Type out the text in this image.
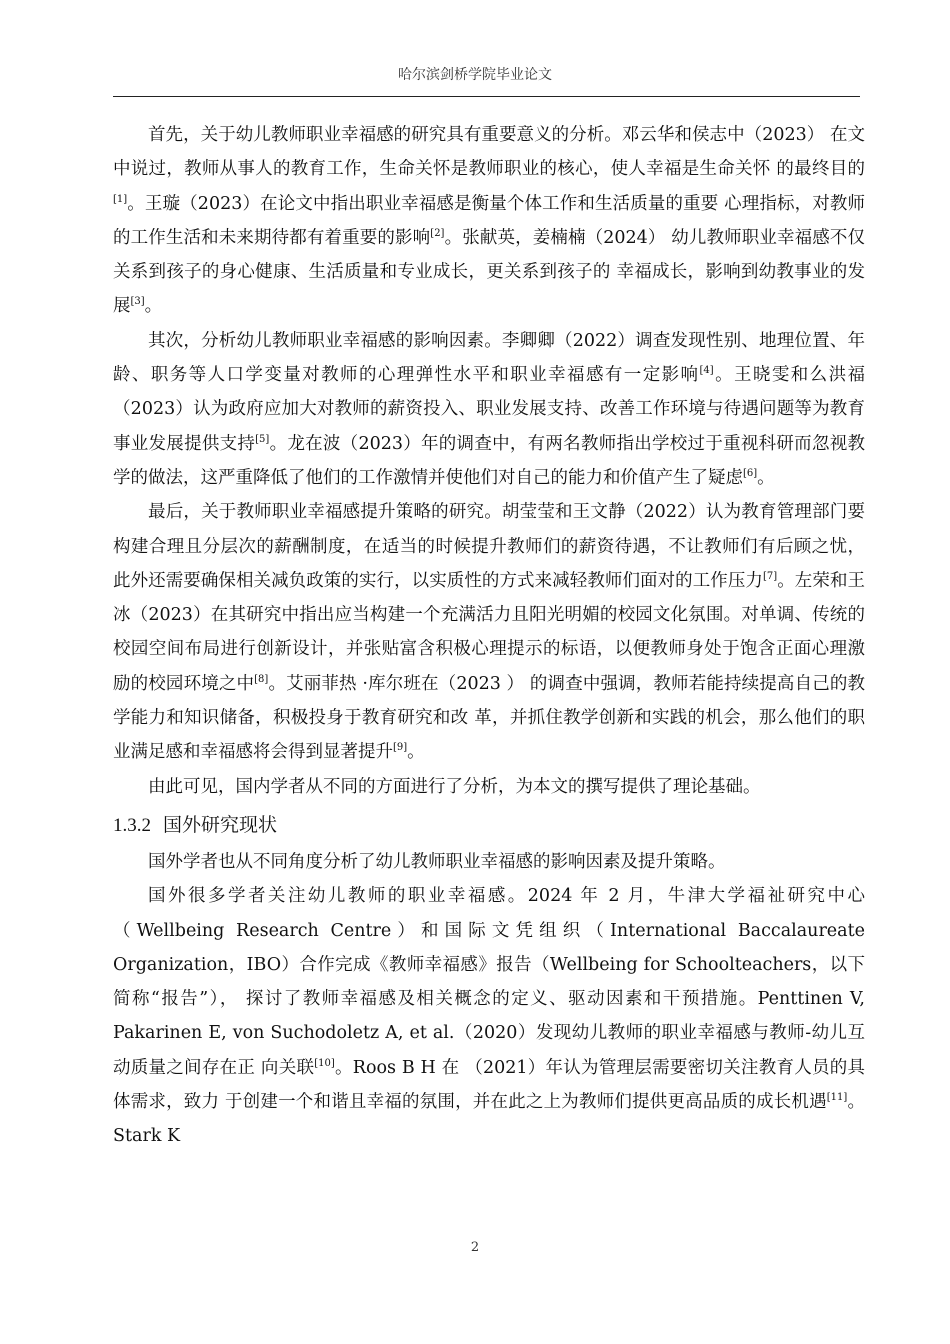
哈尔滨剑桥学院毕业论文

首先，关于幼儿教师职业幸福感的研究具有重要意义的分析。邓云华和侯志中（2023） 在文中说过，教师从事人的教育工作，生命关怀是教师职业的核心，使人幸福是生命关怀 的最终目的[1]。王璇（2023）在论文中指出职业幸福感是衡量个体工作和生活质量的重要 心理指标，对教师的工作生活和未来期待都有着重要的影响[2]。张献英，姜楠楠（2024） 幼儿教师职业幸福感不仅关系到孩子的身心健康、生活质量和专业成长，更关系到孩子的 幸福成长，影响到幼教事业的发展[3]。

其次，分析幼儿教师职业幸福感的影响因素。李卿卿（2022）调查发现性别、地理位置、年龄、职务等人口学变量对教师的心理弹性水平和职业幸福感有一定影响[4]。王晓雯和么洪福（2023）认为政府应加大对教师的薪资投入、职业发展支持、改善工作环境与待遇问题等为教育事业发展提供支持[5]。龙在波（2023）年的调查中，有两名教师指出学校过于重视科研而忽视教学的做法，这严重降低了他们的工作激情并使他们对自己的能力和价值产生了疑虑[6]。

最后，关于教师职业幸福感提升策略的研究。胡莹莹和王文静（2022）认为教育管理部门要构建合理且分层次的薪酬制度，在适当的时候提升教师们的薪资待遇，不让教师们有后顾之忧，此外还需要确保相关减负政策的实行，以实质性的方式来减轻教师们面对的工作压力[7]。左荣和王冰（2023）在其研究中指出应当构建一个充满活力且阳光明媚的校园文化氛围。对单调、传统的校园空间布局进行创新设计，并张贴富含积极心理提示的标语，以便教师身处于饱含正面心理激励的校园环境之中[8]。艾丽菲热 ·库尔班在（2023 ） 的调查中强调，教师若能持续提高自己的教学能力和知识储备，积极投身于教育研究和改 革，并抓住教学创新和实践的机会，那么他们的职业满足感和幸福感将会得到显著提升[9]。

由此可见，国内学者从不同的方面进行了分析，为本文的撰写提供了理论基础。

1.3.2 国外研究现状

国外学者也从不同角度分析了幼儿教师职业幸福感的影响因素及提升策略。

国外很多学者关注幼儿教师的职业幸福感。2024 年 2 月，牛津大学福祉研究中心（Wellbeing Research Centre）和国际文凭组织（International Baccalaureate Organization，IBO）合作完成《教师幸福感》报告（Wellbeing for Schoolteachers，以下简称“报告”）， 探讨了教师幸福感及相关概念的定义、驱动因素和干预措施。Penttinen V, Pakarinen E, von Suchodoletz A, et al.（2020）发现幼儿教师的职业幸福感与教师-幼儿互动质量之间存在正 向关联[10]。Roos B H 在 （2021）年认为管理层需要密切关注教育人员的具体需求，致力 于创建一个和谐且幸福的氛围，并在此之上为教师们提供更高品质的成长机遇[11]。 Stark K

2
